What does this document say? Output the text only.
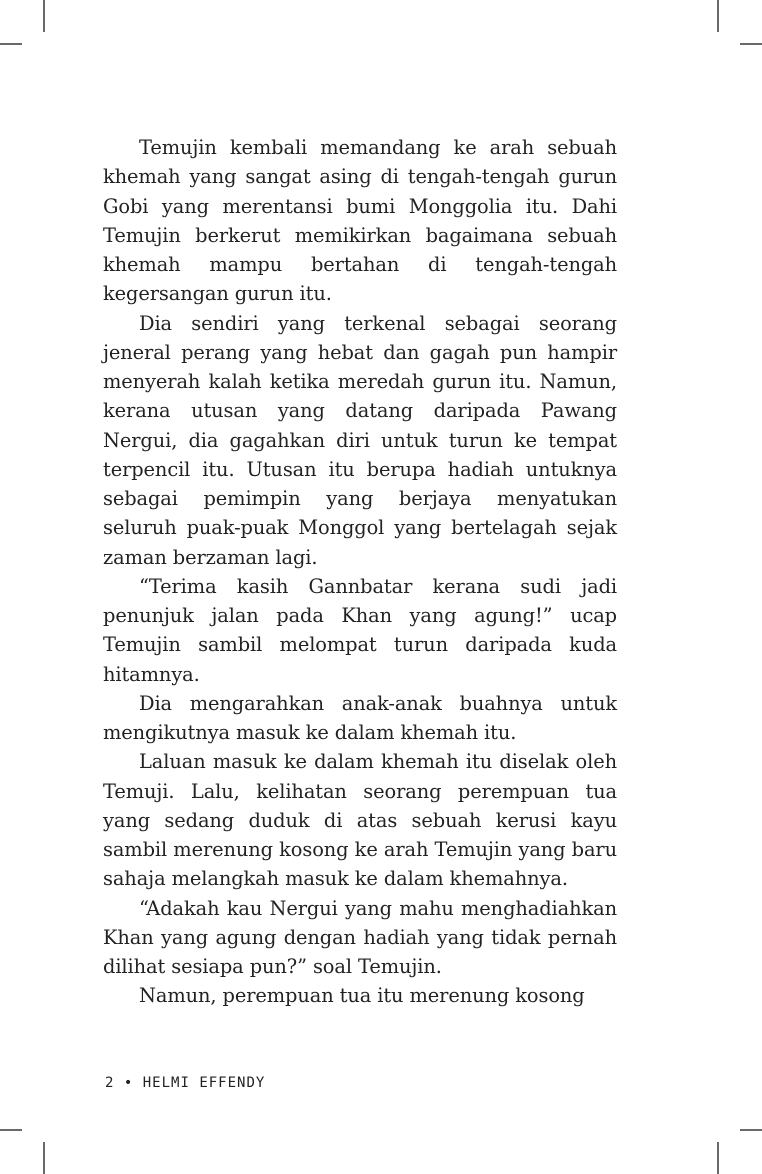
Temujin kembali memandang ke arah sebuah khemah yang sangat asing di tengah-tengah gurun Gobi yang merentansi bumi Monggolia itu. Dahi Temujin berkerut memikirkan bagaimana sebuah khemah mampu bertahan di tengah-tengah kegersangan gurun itu.

Dia sendiri yang terkenal sebagai seorang jeneral perang yang hebat dan gagah pun hampir menyerah kalah ketika meredah gurun itu. Namun, kerana utusan yang datang daripada Pawang Nergui, dia gagahkan diri untuk turun ke tempat terpencil itu. Utusan itu berupa hadiah untuknya sebagai pemimpin yang berjaya menyatukan seluruh puak-puak Monggol yang bertelagah sejak zaman berzaman lagi.

“Terima kasih Gannbatar kerana sudi jadi penunjuk jalan pada Khan yang agung!” ucap Temujin sambil melompat turun daripada kuda hitamnya.

Dia mengarahkan anak-anak buahnya untuk mengikutnya masuk ke dalam khemah itu.

Laluan masuk ke dalam khemah itu diselak oleh Temuji. Lalu, kelihatan seorang perempuan tua yang sedang duduk di atas sebuah kerusi kayu sambil merenung kosong ke arah Temujin yang baru sahaja melangkah masuk ke dalam khemahnya.

“Adakah kau Nergui yang mahu menghadiahkan Khan yang agung dengan hadiah yang tidak pernah dilihat sesiapa pun?” soal Temujin.

Namun, perempuan tua itu merenung kosong

2 • HELMI EFFENDY
